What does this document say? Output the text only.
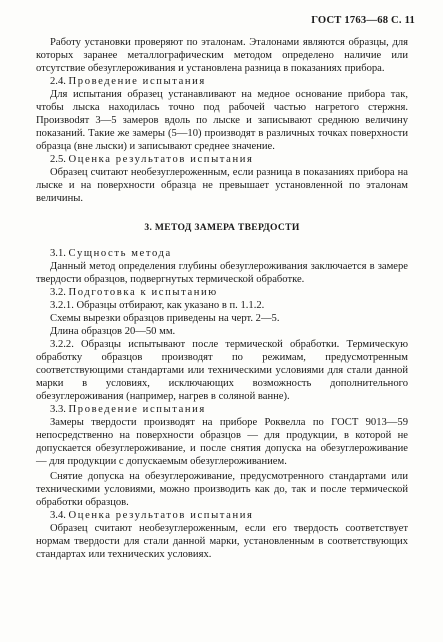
ГОСТ 1763—68 С. 11

Работу установки проверяют по эталонам. Эталонами являются образцы, для которых заранее металлографическим методом определено наличие или отсутствие обезуглероживания и установлена разница в показаниях прибора.

2.4. Проведение испытания

Для испытания образец устанавливают на медное основание прибора так, чтобы лыска находилась точно под рабочей частью нагретого стержня. Произвodят 3—5 замеров вдоль по лыске и записывают среднюю величину показаний. Такие же замеры (5—10) производят в различных точках поверхности образца (вне лыски) и записывают среднее значение.

2.5. Оценка результатов испытания

Образец считают необезуглероженным, если разница в показаниях прибора на лыске и на поверхности образца не превышает установленной по эталонам величины.

3. МЕТОД ЗАМЕРА ТВЕРДОСТИ

3.1. Сущность метода

Данный метод определения глубины обезуглероживания заключается в замере твердости образцов, подвергнутых термической обработке.

3.2. Подготовка к испытанию

3.2.1. Образцы отбирают, как указано в п. 1.1.2.

Схемы вырезки образцов приведены на черт. 2—5.

Длина образцов 20—50 мм.

3.2.2. Образцы испытывают после термической обработки. Термическую обработку образцов производят по режимам, предусмотренным соответствующими стандартами или техническими условиями для стали данной марки в условиях, исключающих возможность дополнительного обезуглероживания (например, нагрев в соляной ванне).

3.3. Проведение испытания

Замеры твердости производят на приборе Роквелла по ГОСТ 9013—59 непосредственно на поверхности образцов — для продукции, в которой не допускается обезуглероживание, и после снятия допуска на обезуглероживание — для продукции с допускаемым обезуглероживанием.

Снятие допуска на обезуглероживание, предусмотренного стандартами или техническими условиями, можно производить как до, так и после термической обработки образцов.

3.4. Оценка результатов испытания

Образец считают необезуглероженным, если его твердость соответствует нормам твердости для стали данной марки, установленным в соответствующих стандартах или технических условиях.
